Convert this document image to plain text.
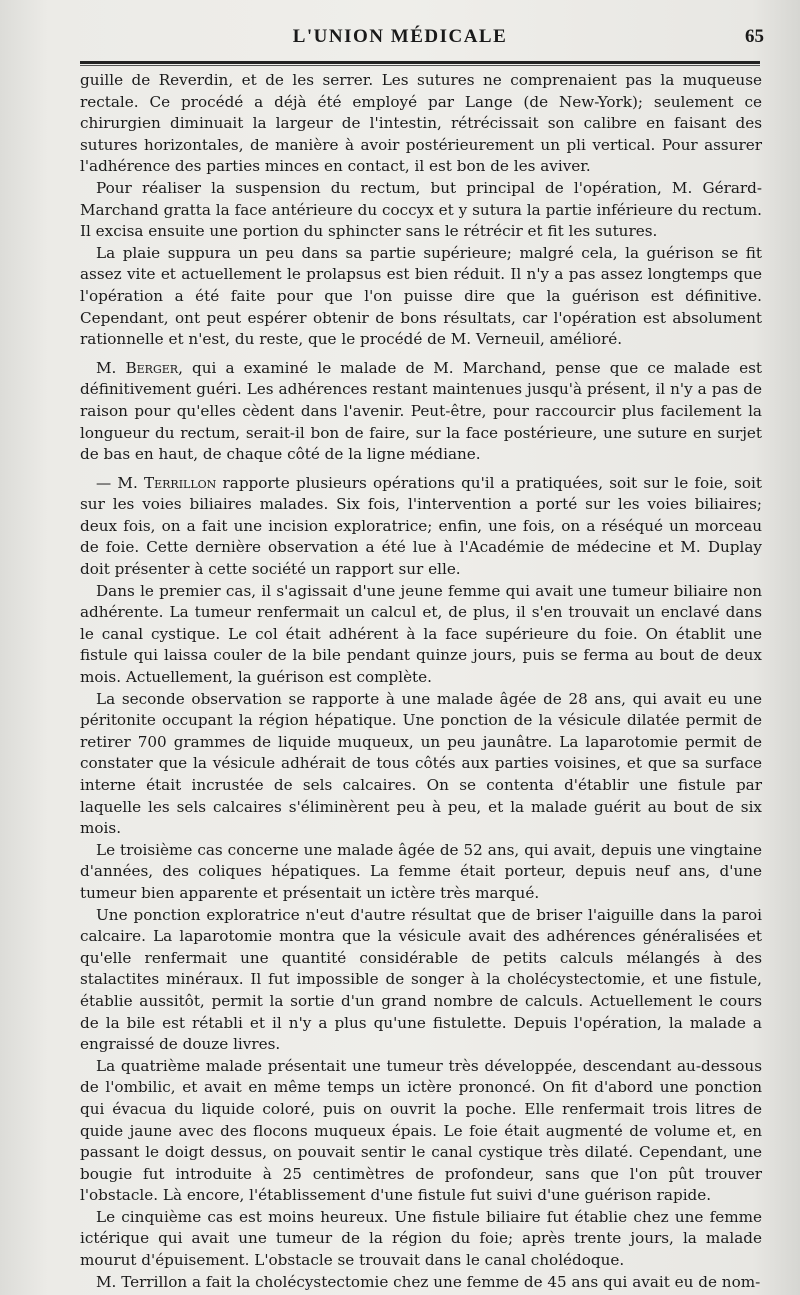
L'UNION MÉDICALE	65

guille de Reverdin, et de les serrer. Les sutures ne comprenaient pas la muqueuse rectale. Ce procédé a déjà été employé par Lange (de New-York); seulement ce chirurgien diminuait la largeur de l'intestin, rétrécissait son calibre en faisant des sutures horizontales, de manière à avoir postérieurement un pli vertical. Pour assurer l'adhérence des parties minces en contact, il est bon de les aviver.

Pour réaliser la suspension du rectum, but principal de l'opération, M. Gérard-Marchand gratta la face antérieure du coccyx et y sutura la partie inférieure du rectum. Il excisa ensuite une portion du sphincter sans le rétrécir et fit les sutures.

La plaie suppura un peu dans sa partie supérieure; malgré cela, la guérison se fit assez vite et actuellement le prolapsus est bien réduit. Il n'y a pas assez longtemps que l'opération a été faite pour que l'on puisse dire que la guérison est définitive. Cependant, ont peut espérer obtenir de bons résultats, car l'opération est absolument rationnelle et n'est, du reste, que le procédé de M. Verneuil, amélioré.

M. Berger, qui a examiné le malade de M. Marchand, pense que ce malade est définitivement guéri. Les adhérences restant maintenues jusqu'à présent, il n'y a pas de raison pour qu'elles cèdent dans l'avenir. Peut-être, pour raccourcir plus facilement la longueur du rectum, serait-il bon de faire, sur la face postérieure, une suture en surjet de bas en haut, de chaque côté de la ligne médiane.

— M. Terrillon rapporte plusieurs opérations qu'il a pratiquées, soit sur le foie, soit sur les voies biliaires malades. Six fois, l'intervention a porté sur les voies biliaires; deux fois, on a fait une incision exploratrice; enfin, une fois, on a réséqué un morceau de foie. Cette dernière observation a été lue à l'Académie de médecine et M. Duplay doit présenter à cette société un rapport sur elle.

Dans le premier cas, il s'agissait d'une jeune femme qui avait une tumeur biliaire non adhérente. La tumeur renfermait un calcul et, de plus, il s'en trouvait un enclavé dans le canal cystique. Le col était adhérent à la face supérieure du foie. On établit une fistule qui laissa couler de la bile pendant quinze jours, puis se ferma au bout de deux mois. Actuellement, la guérison est complète.

La seconde observation se rapporte à une malade âgée de 28 ans, qui avait eu une péritonite occupant la région hépatique. Une ponction de la vésicule dilatée permit de retirer 700 grammes de liquide muqueux, un peu jaunâtre. La laparotomie permit de constater que la vésicule adhérait de tous côtés aux parties voisines, et que sa surface interne était incrustée de sels calcaires. On se contenta d'établir une fistule par laquelle les sels calcaires s'éliminèrent peu à peu, et la malade guérit au bout de six mois.

Le troisième cas concerne une malade âgée de 52 ans, qui avait, depuis une vingtaine d'années, des coliques hépatiques. La femme était porteur, depuis neuf ans, d'une tumeur bien apparente et présentait un ictère très marqué.

Une ponction exploratrice n'eut d'autre résultat que de briser l'aiguille dans la paroi calcaire. La laparotomie montra que la vésicule avait des adhérences généralisées et qu'elle renfermait une quantité considérable de petits calculs mélangés à des stalactites minéraux. Il fut impossible de songer à la cholécystectomie, et une fistule, établie aussitôt, permit la sortie d'un grand nombre de calculs. Actuellement le cours de la bile est rétabli et il n'y a plus qu'une fistulette. Depuis l'opération, la malade a engraissé de douze livres.

La quatrième malade présentait une tumeur très développée, descendant au-dessous de l'ombilic, et avait en même temps un ictère prononcé. On fit d'abord une ponction qui évacua du liquide coloré, puis on ouvrit la poche. Elle renfermait trois litres de quide jaune avec des flocons muqueux épais. Le foie était augmenté de volume et, en passant le doigt dessus, on pouvait sentir le canal cystique très dilaté. Cependant, une bougie fut introduite à 25 centimètres de profondeur, sans que l'on pût trouver l'obstacle. Là encore, l'établissement d'une fistule fut suivi d'une guérison rapide.

Le cinquième cas est moins heureux. Une fistule biliaire fut établie chez une femme ictérique qui avait une tumeur de la région du foie; après trente jours, la malade mourut d'épuisement. L'obstacle se trouvait dans le canal cholédoque.

M. Terrillon a fait la cholécystectomie chez une femme de 45 ans qui avait eu de nom-
